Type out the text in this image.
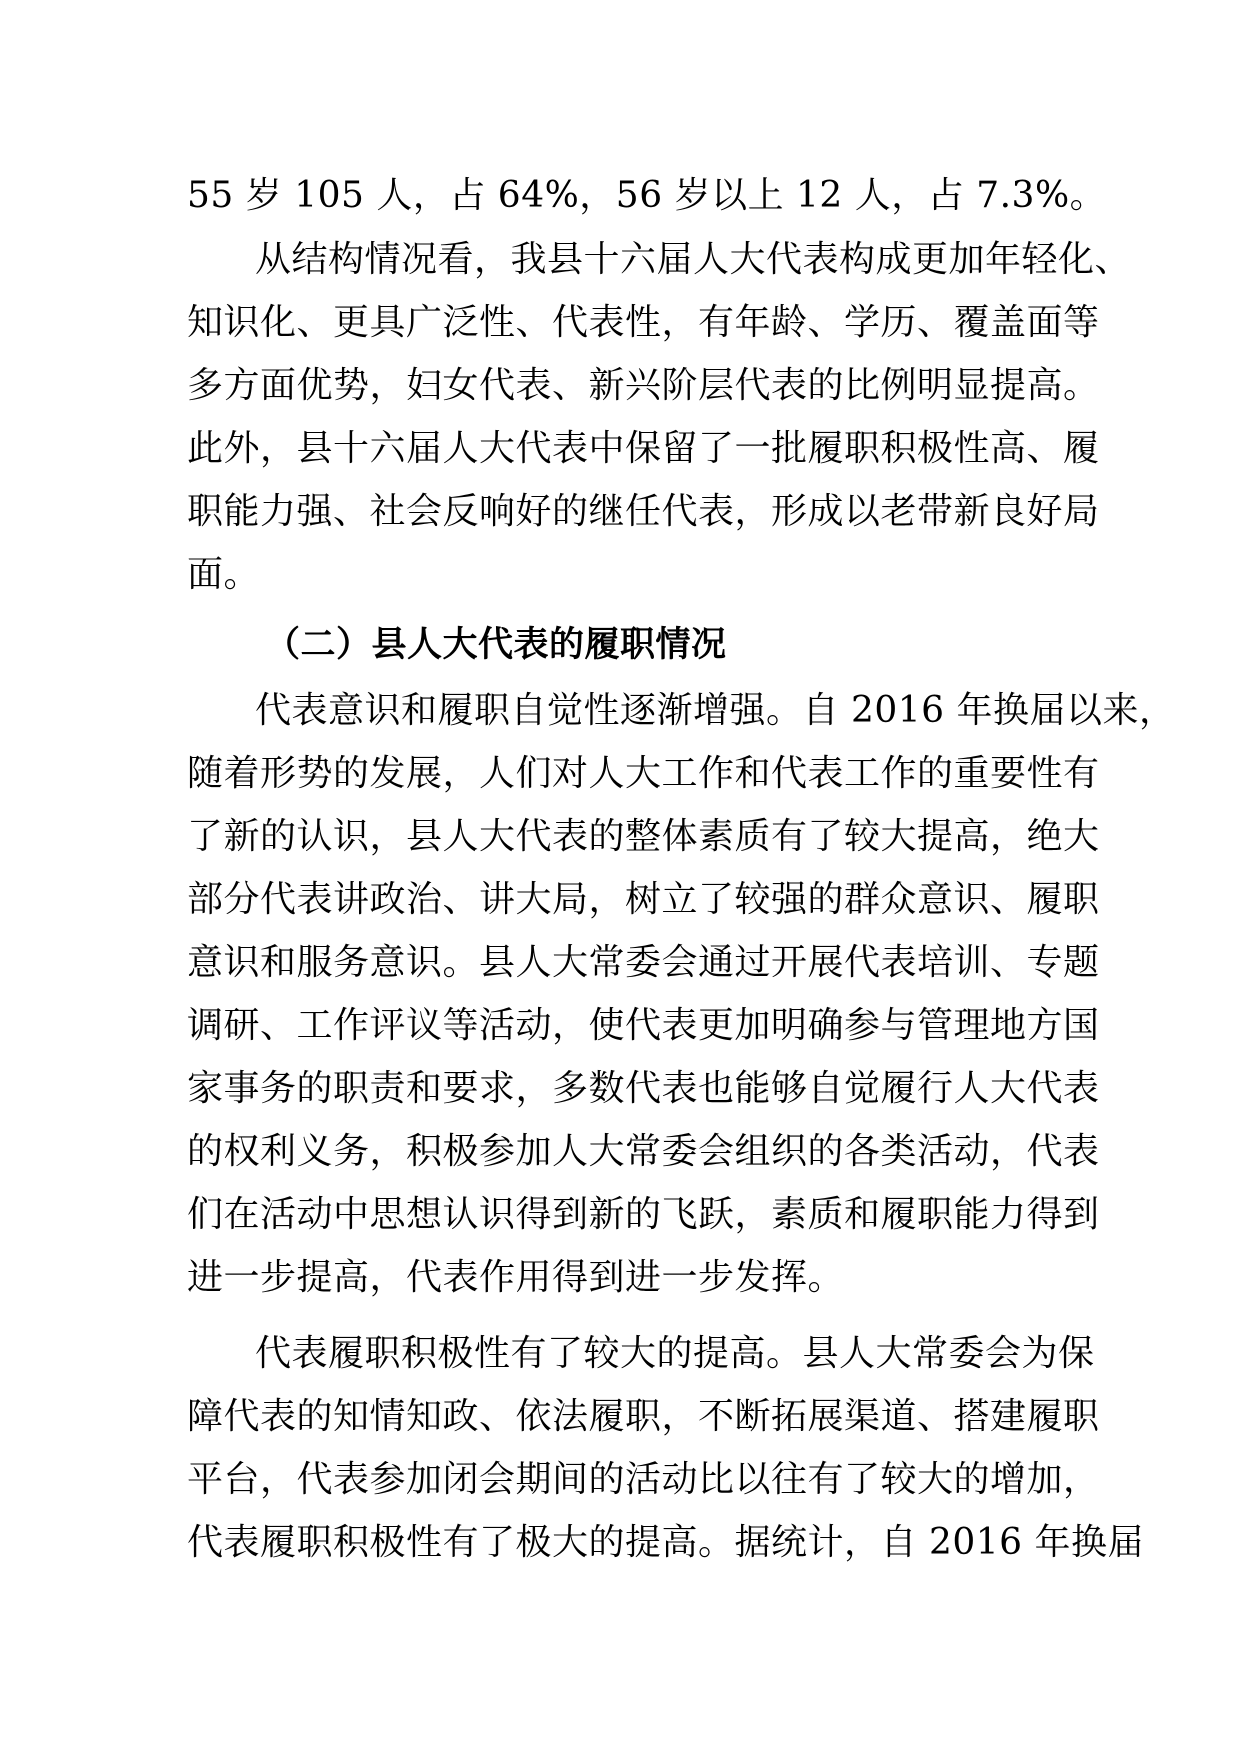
55 岁 105 人，占 64%，56 岁以上 12 人，占 7.3%。
从结构情况看，我县十六届人大代表构成更加年轻化、
知识化、更具广泛性、代表性，有年龄、学历、覆盖面等
多方面优势，妇女代表、新兴阶层代表的比例明显提高。
此外，县十六届人大代表中保留了一批履职积极性高、履
职能力强、社会反响好的继任代表，形成以老带新良好局
面。
（二）县人大代表的履职情况
代表意识和履职自觉性逐渐增强。自 2016 年换届以来，
随着形势的发展，人们对人大工作和代表工作的重要性有
了新的认识，县人大代表的整体素质有了较大提高，绝大
部分代表讲政治、讲大局，树立了较强的群众意识、履职
意识和服务意识。县人大常委会通过开展代表培训、专题
调研、工作评议等活动，使代表更加明确参与管理地方国
家事务的职责和要求，多数代表也能够自觉履行人大代表
的权利义务，积极参加人大常委会组织的各类活动，代表
们在活动中思想认识得到新的飞跃，素质和履职能力得到
进一步提高，代表作用得到进一步发挥。
代表履职积极性有了较大的提高。县人大常委会为保
障代表的知情知政、依法履职，不断拓展渠道、搭建履职
平台，代表参加闭会期间的活动比以往有了较大的增加，
代表履职积极性有了极大的提高。据统计，自 2016 年换届
